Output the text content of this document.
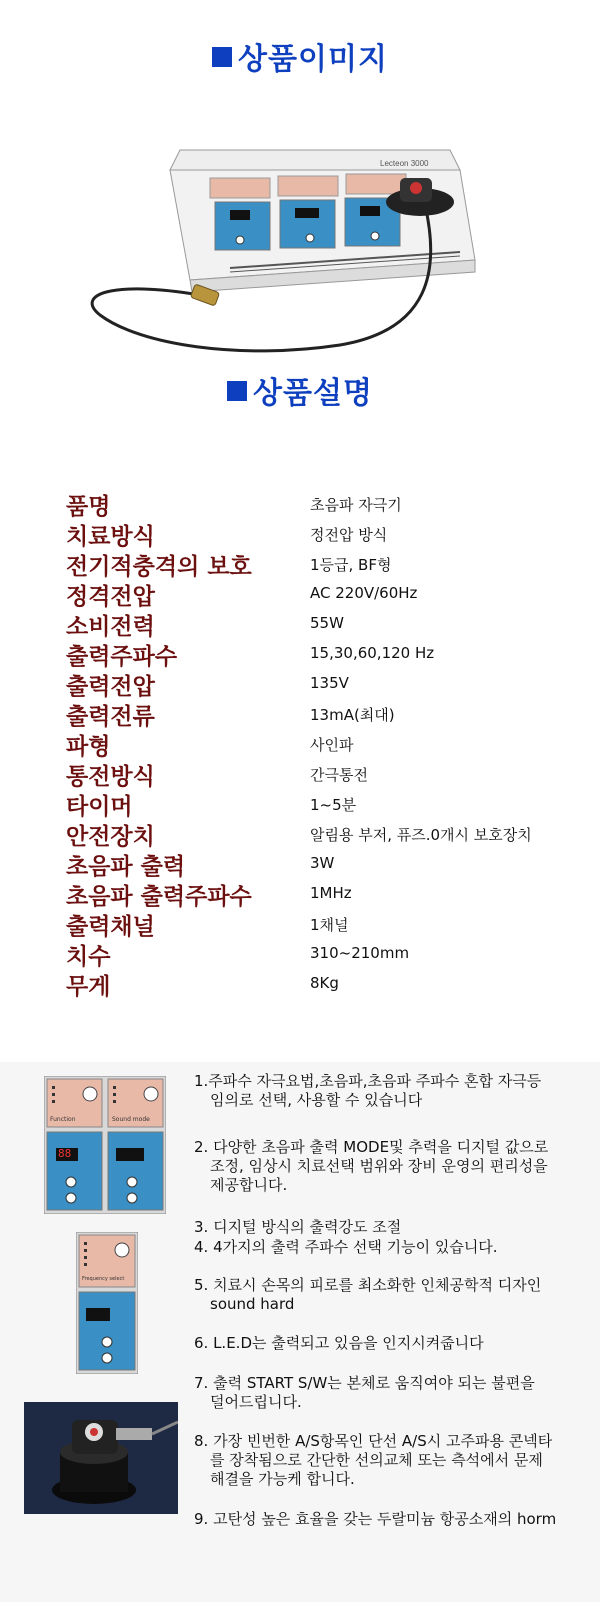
상품이미지
Lecteon 3000
상품설명
품명	초음파 자극기
치료방식	정전압 방식
전기적충격의 보호	1등급, BF형
정격전압	AC 220V/60Hz
소비전력	55W
출력주파수	15,30,60,120 Hz
출력전압	135V
출력전류	13mA(최대)
파형	사인파
통전방식	간극통전
타이머	1~5분
안전장치	알림용 부저, 퓨즈.0개시 보호장치
초음파 출력	3W
초음파 출력주파수	1MHz
출력채널	1채널
치수	310~210mm
무게	8Kg
Function	Sound mode
88
Frequency select
1.주파수 자극요법,초음파,초음파 주파수 혼합 자극등
임의로 선택, 사용할 수 있습니다
2. 다양한 초음파 출력 MODE및 추력을 디지털 값으로
조정, 임상시 치료선택 범위와 장비 운영의 편리성을
제공합니다.
3. 디지털 방식의 출력강도 조절
4. 4가지의 출력 주파수 선택 기능이 있습니다.
5. 치료시 손목의 피로를 최소화한 인체공학적 디자인
sound hard
6. L.E.D는 출력되고 있음을 인지시켜줍니다
7. 출력 START S/W는 본체로 움직여야 되는 불편을
덜어드립니다.
8. 가장 빈번한 A/S항목인 단선 A/S시 고주파용 콘넥타
를 장착됨으로 간단한 선의교체 또는 측석에서 문제
해결을 가능케 합니다.
9. 고탄성 높은 효율을 갖는 두랄미늄 항공소재의 horm
